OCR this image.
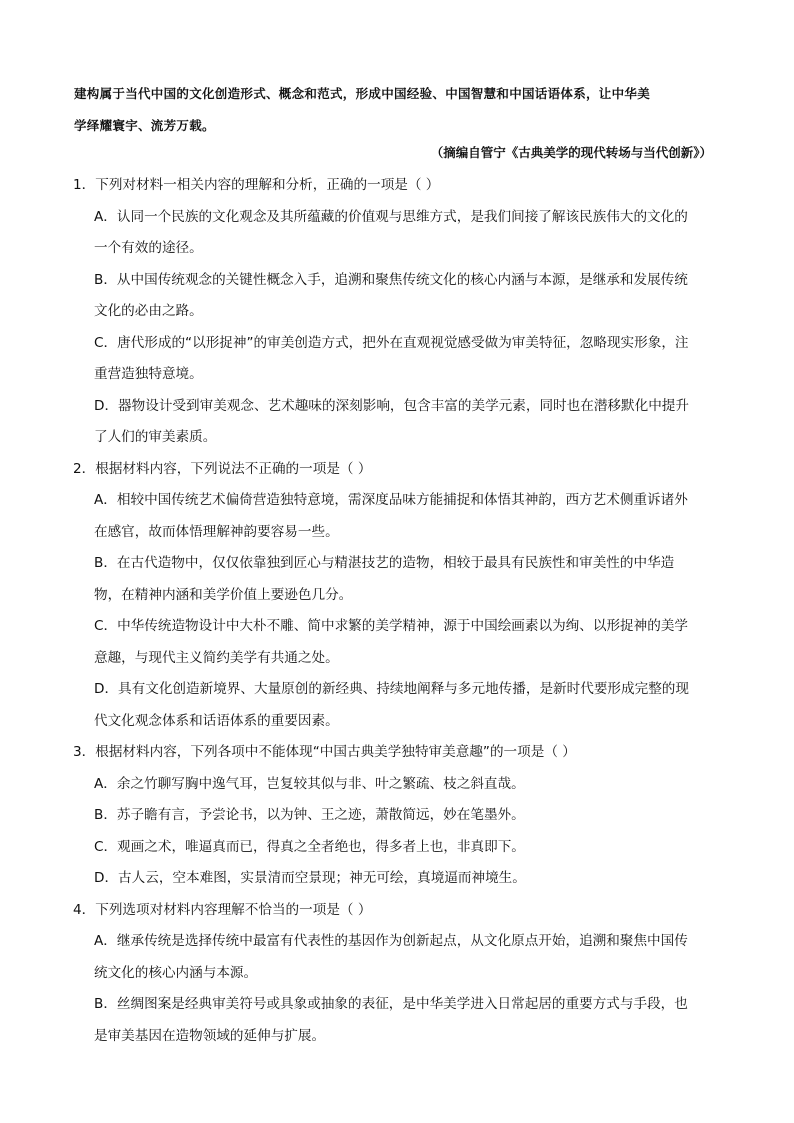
建构属于当代中国的文化创造形式、概念和范式，形成中国经验、中国智慧和中国话语体系，让中华美
学绎耀寰宇、流芳万载。
（摘编自管宁《古典美学的现代转场与当代创新》）
1．下列对材料一相关内容的理解和分析，正确的一项是（ ）
A．认同一个民族的文化观念及其所蕴藏的价值观与思维方式，是我们间接了解该民族伟大的文化的
一个有效的途径。
B．从中国传统观念的关键性概念入手，追溯和聚焦传统文化的核心内涵与本源，是继承和发展传统
文化的必由之路。
C．唐代形成的“以形捉神”的审美创造方式，把外在直观视觉感受做为审美特征，忽略现实形象，注
重营造独特意境。
D．器物设计受到审美观念、艺术趣味的深刻影响，包含丰富的美学元素，同时也在潜移默化中提升
了人们的审美素质。
2．根据材料内容，下列说法不正确的一项是（ ）
A．相较中国传统艺术偏倚营造独特意境，需深度品味方能捕捉和体悟其神韵，西方艺术侧重诉诸外
在感官，故而体悟理解神韵要容易一些。
B．在古代造物中，仅仅依靠独到匠心与精湛技艺的造物，相较于最具有民族性和审美性的中华造
物，在精神内涵和美学价值上要逊色几分。
C．中华传统造物设计中大朴不雕、简中求繁的美学精神，源于中国绘画素以为绚、以形捉神的美学
意趣，与现代主义简约美学有共通之处。
D．具有文化创造新境界、大量原创的新经典、持续地阐释与多元地传播，是新时代要形成完整的现
代文化观念体系和话语体系的重要因素。
3．根据材料内容，下列各项中不能体现“中国古典美学独特审美意趣”的一项是（ ）
A．余之竹聊写胸中逸气耳，岂复较其似与非、叶之繁疏、枝之斜直哉。
B．苏子瞻有言，予尝论书，以为钟、王之迹，萧散简远，妙在笔墨外。
C．观画之术，唯逼真而已，得真之全者绝也，得多者上也，非真即下。
D．古人云，空本难图，实景清而空景现；神无可绘，真境逼而神境生。
4．下列选项对材料内容理解不恰当的一项是（ ）
A．继承传统是选择传统中最富有代表性的基因作为创新起点，从文化原点开始，追溯和聚焦中国传
统文化的核心内涵与本源。
B．丝绸图案是经典审美符号或具象或抽象的表征，是中华美学进入日常起居的重要方式与手段，也
是审美基因在造物领域的延伸与扩展。
